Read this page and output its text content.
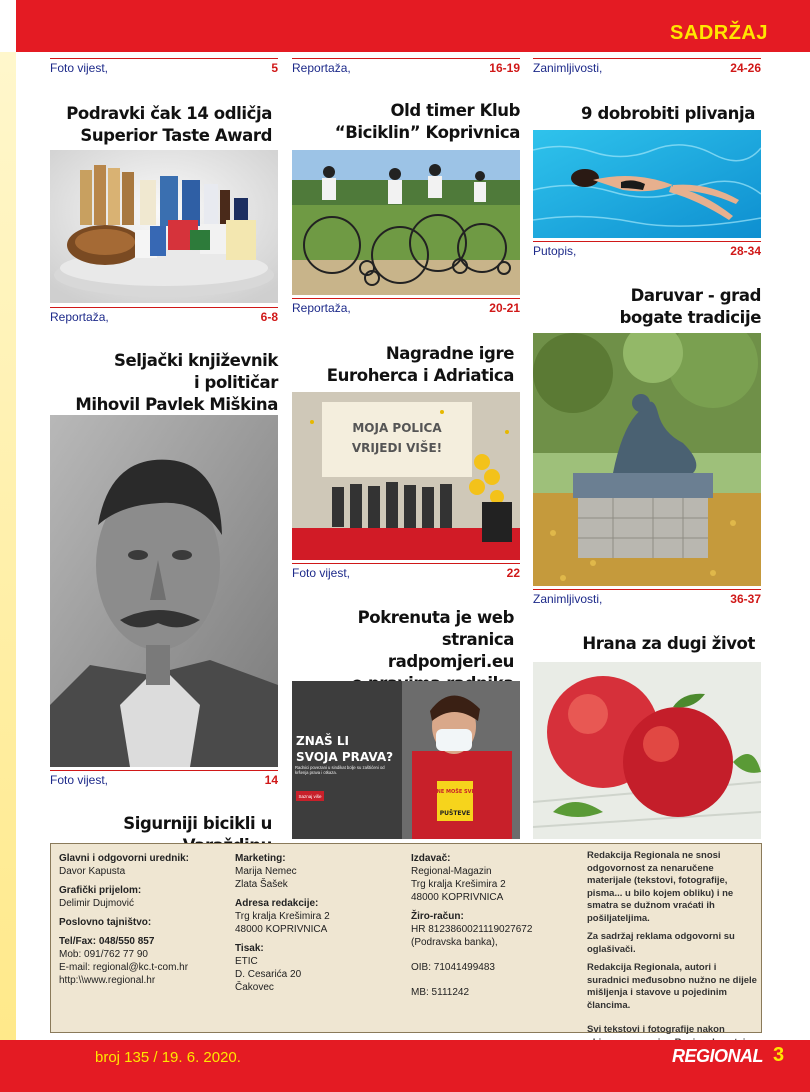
SADRŽAJ
Foto vijest,	5 Reportaža,	16-19 Zanimljivosti,	24-26
Podravki čak 14 odličja
Superior Taste Award
Reportaža,	6-8
Seljački književnik
i političar
Mihovil Pavlek Miškina
Foto vijest,	14
Sigurniji bicikli u
Old timer Klub
“Biciklin” Koprivnica
Reportaža,	20-21
Nagradne igre
Euroherca i Adriatica
MOJA POLICA
VRIJEDI VIŠE!
Foto vijest,	22
Pokrenuta je web stranica
radpomjeri.eu
NE MOŠE SVI
PUŠTEVE
ZNAŠ LI
SVOJA PRAVA?
Radnici povezani u sindikat bolje su zaštićeni od kršenja prava i otkaza.
Saznaj više
9 dobrobiti plivanja
Putopis,	28-34
Daruvar - grad
bogate tradicije
Zanimljivosti,	36-37
Hrana za dugi život
Glavni i odgovorni urednik:
Davor Kapusta
Grafički prijelom:
Delimir Dujmović
Poslovno tajništvo:
Tel/Fax: 048/550 857
Mob: 091/762 77 90
E-mail: regional@kc.t-com.hr
http:\\www.regional.hr
Marketing:
Marija Nemec
Zlata Šašek
Adresa redakcije:
Trg kralja Krešimira 2
48000 KOPRIVNICA
Tisak:
ETIC
D. Cesarića 20
Čakovec
Izdavač:
Regional-Magazin
Trg kralja Krešimira 2
48000 KOPRIVNICA
Žiro-račun:
HR 8123860021119027672
(Podravska banka),
OIB: 71041499483
MB: 5111242
Redakcija Regionala ne snosi odgovornost za nenaručene materijale (tekstovi, fotografije, pisma... u bilo kojem obliku) i ne smatra se dužnom vraćati ih pošiljateljima.
Za sadržaj reklama odgovorni su oglašivači.
Redakcija Regionala, autori i suradnici međusobno nužno ne dijele mišljenja i stavove u pojedinim člancima.
Svi tekstovi i fotografije nakon
broj 135 / 19. 6. 2020.	REGIONAL 3
